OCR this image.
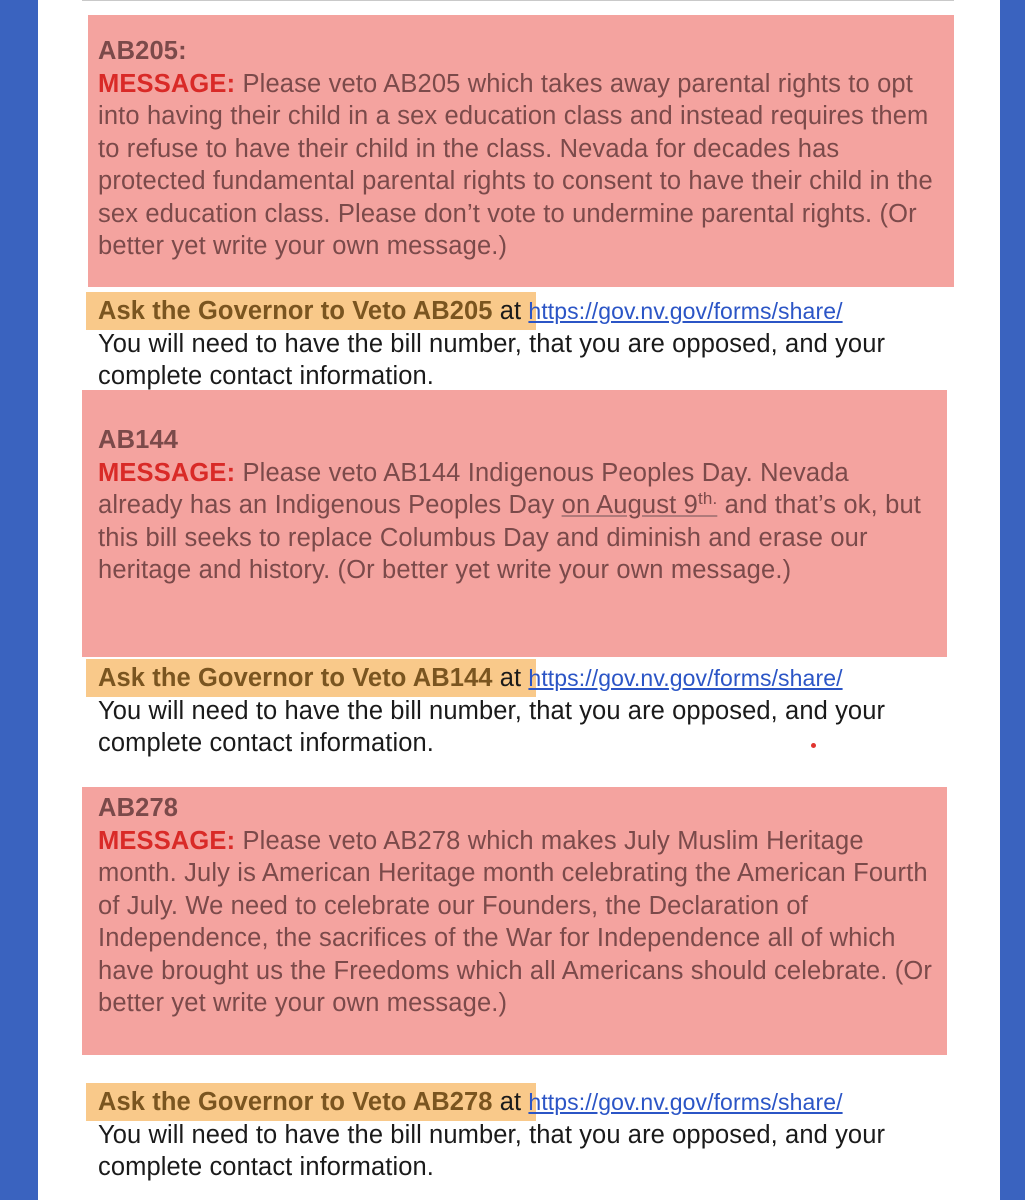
AB205:
MESSAGE: Please veto AB205 which takes away parental rights to opt into having their child in a sex education class and instead requires them to refuse to have their child in the class. Nevada for decades has protected fundamental parental rights to consent to have their child in the sex education class. Please don’t vote to undermine parental rights. (Or better yet write your own message.)
Ask the Governor to Veto AB205 at https://gov.nv.gov/forms/share/
You will need to have the bill number, that you are opposed, and your complete contact information.
AB144
MESSAGE: Please veto AB144 Indigenous Peoples Day. Nevada already has an Indigenous Peoples Day on August $9^{th.}$ and that’s ok, but this bill seeks to replace Columbus Day and diminish and erase our heritage and history. (Or better yet write your own message.)
Ask the Governor to Veto AB144 at https://gov.nv.gov/forms/share/
You will need to have the bill number, that you are opposed, and your complete contact information.
AB278
MESSAGE: Please veto AB278 which makes July Muslim Heritage month. July is American Heritage month celebrating the American Fourth of July. We need to celebrate our Founders, the Declaration of Independence, the sacrifices of the War for Independence all of which have brought us the Freedoms which all Americans should celebrate. (Or better yet write your own message.)
Ask the Governor to Veto AB278 at https://gov.nv.gov/forms/share/
You will need to have the bill number, that you are opposed, and your complete contact information.
